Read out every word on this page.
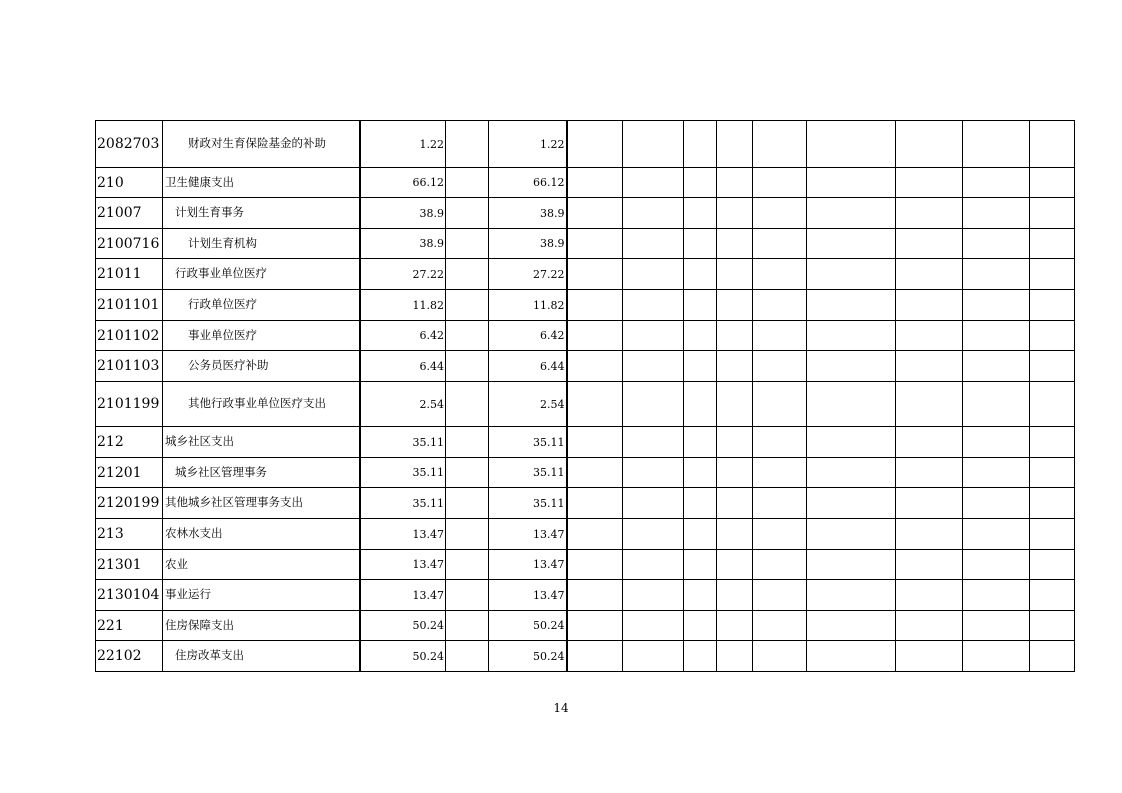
2082703	财政对生育保险基金的补助	1.22		1.22									
210	卫生健康支出	66.12		66.12									
21007	计划生育事务	38.9		38.9									
2100716	计划生育机构	38.9		38.9									
21011	行政事业单位医疗	27.22		27.22									
2101101	行政单位医疗	11.82		11.82									
2101102	事业单位医疗	6.42		6.42									
2101103	公务员医疗补助	6.44		6.44									
2101199	其他行政事业单位医疗支出	2.54		2.54									
212	城乡社区支出	35.11		35.11									
21201	城乡社区管理事务	35.11		35.11									
2120199	其他城乡社区管理事务支出	35.11		35.11									
213	农林水支出	13.47		13.47									
21301	农业	13.47		13.47									
2130104	事业运行	13.47		13.47									
221	住房保障支出	50.24		50.24									
22102	住房改革支出	50.24		50.24									
14
